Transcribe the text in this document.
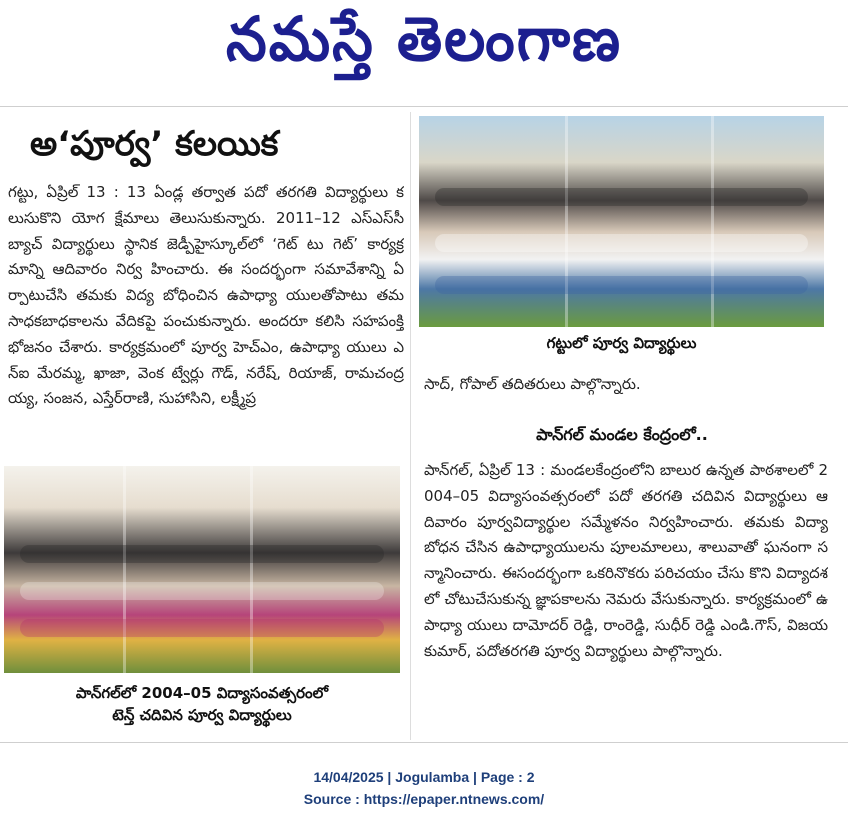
నమస్తే తెలంగాణ
అ‘పూర్వ’ కలయిక

గట్టు, ఏప్రిల్ 13 : 13 ఏండ్ల తర్వాత పదో తరగతి విద్యార్థులు కలుసుకొని యోగ క్షేమాలు తెలుసుకున్నారు. 2011–12 ఎస్ఎస్‌సీ బ్యాచ్ విద్యార్థులు స్థానిక జెడ్పీహైస్కూల్‌లో ‘గెట్ టు గెట్’ కార్యక్రమాన్ని ఆదివారం నిర్వ హించారు. ఈ సందర్భంగా సమావేశాన్ని ఏర్పాటుచేసి తమకు విద్య బోధించిన ఉపాధ్యా యులతోపాటు తమ సాధకబాధకాలను వేదికపై పంచుకున్నారు. అందరూ కలిసి సహపంక్తి భోజనం చేశారు. కార్యక్రమంలో పూర్వ హెచ్ఎం, ఉపాధ్యా యులు ఎన్ఐ మేరమ్మ, ఖాజా, వెంక ట్వేర్లు గౌడ్, నరేష్, రియాజ్, రామచంద్రయ్య, సంజన, ఎస్తేర్‌రాణి, సుహాసిని, లక్ష్మీప్ర

పాన్‌గల్‌లో 2004–05 విద్యాసంవత్సరంలో
టెన్త్ చదివిన పూర్వ విద్యార్థులు
గట్టులో పూర్వ విద్యార్థులు

సాద్, గోపాల్ తదితరులు పాల్గొన్నారు.

పాన్‌గల్ మండల కేంద్రంలో..

పాన్‌గల్, ఏప్రిల్ 13 : మండలకేంద్రంలోని బాలుర ఉన్నత పాఠశాలలో 2004–05 విద్యాసంవత్సరంలో పదో తరగతి చదివిన విద్యార్థులు ఆదివారం పూర్వవిద్యార్థుల సమ్మేళనం నిర్వహించారు. తమకు విద్యా బోధన చేసిన ఉపాధ్యాయులను పూలమాలలు, శాలువాతో ఘనంగా సన్మానించారు. ఈసందర్భంగా ఒకరినొకరు పరిచయం చేసు కొని విద్యాదశలో చోటుచేసుకున్న జ్ఞాపకాలను నెమరు వేసుకున్నారు. కార్యక్రమంలో ఉపాధ్యా యులు దామోదర్ రెడ్డి, రాంరెడ్డి, సుధీర్ రెడ్డి ఎండి.గౌస్, విజయకుమార్, పదోతరగతి పూర్వ విద్యార్థులు పాల్గొన్నారు.

14/04/2025 | Jogulamba | Page : 2
Source : https://epaper.ntnews.com/
